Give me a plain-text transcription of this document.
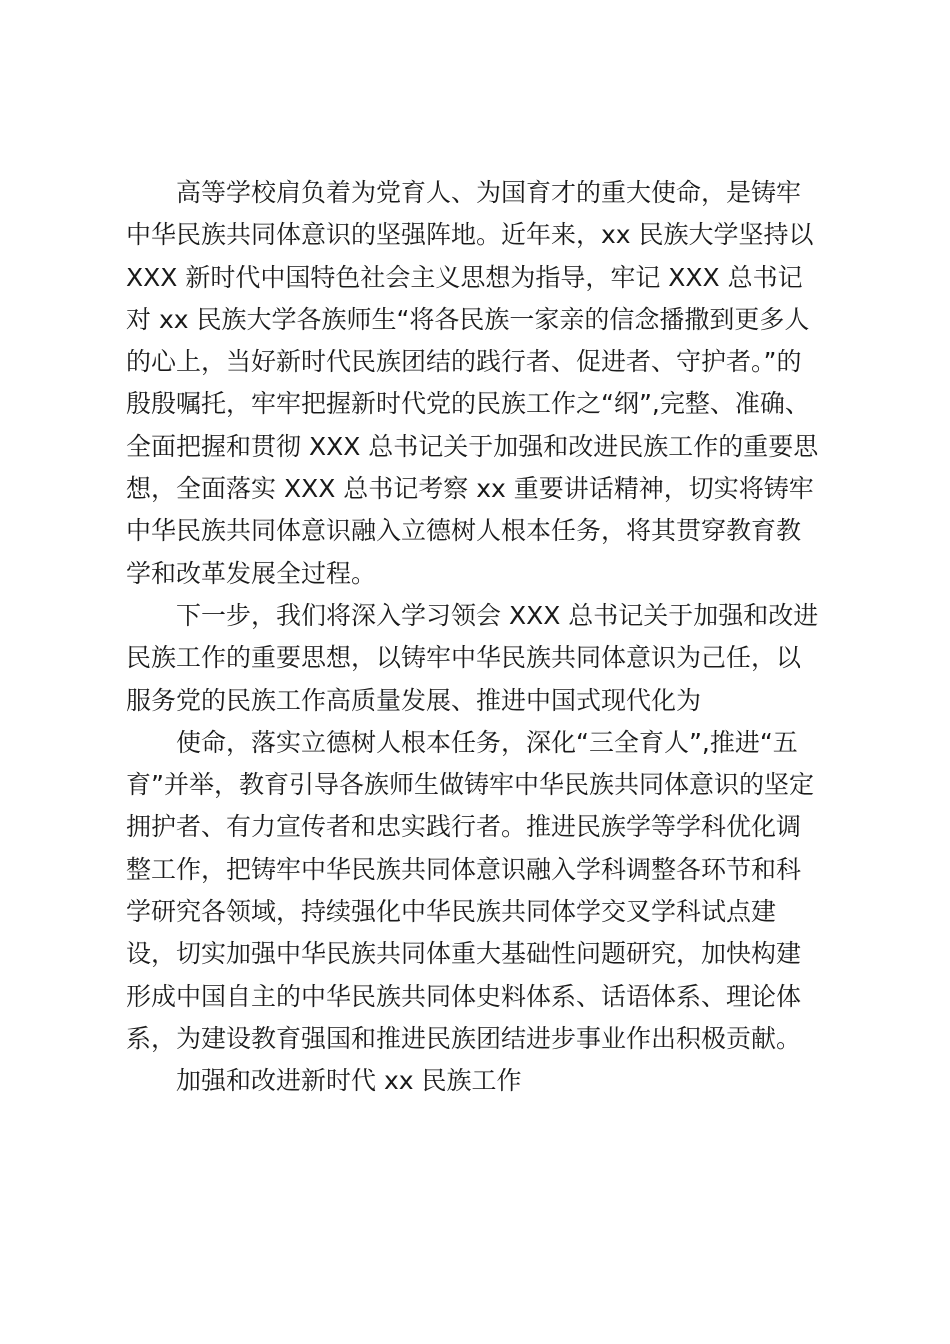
高等学校肩负着为党育人、为国育才的重大使命，是铸牢
中华民族共同体意识的坚强阵地。近年来，xx 民族大学坚持以
XXX 新时代中国特色社会主义思想为指导，牢记 XXX 总书记
对 xx 民族大学各族师生“将各民族一家亲的信念播撒到更多人
的心上，当好新时代民族团结的践行者、促进者、守护者。”的
殷殷嘱托，牢牢把握新时代党的民族工作之“纲”,完整、准确、
全面把握和贯彻 XXX 总书记关于加强和改进民族工作的重要思
想，全面落实 XXX 总书记考察 xx 重要讲话精神，切实将铸牢
中华民族共同体意识融入立德树人根本任务，将其贯穿教育教
学和改革发展全过程。
下一步，我们将深入学习领会 XXX 总书记关于加强和改进
民族工作的重要思想，以铸牢中华民族共同体意识为己任，以
服务党的民族工作高质量发展、推进中国式现代化为
使命，落实立德树人根本任务，深化“三全育人”,推进“五
育”并举，教育引导各族师生做铸牢中华民族共同体意识的坚定
拥护者、有力宣传者和忠实践行者。推进民族学等学科优化调
整工作，把铸牢中华民族共同体意识融入学科调整各环节和科
学研究各领域，持续强化中华民族共同体学交叉学科试点建
设，切实加强中华民族共同体重大基础性问题研究，加快构建
形成中国自主的中华民族共同体史料体系、话语体系、理论体
系，为建设教育强国和推进民族团结进步事业作出积极贡献。
加强和改进新时代 xx 民族工作
